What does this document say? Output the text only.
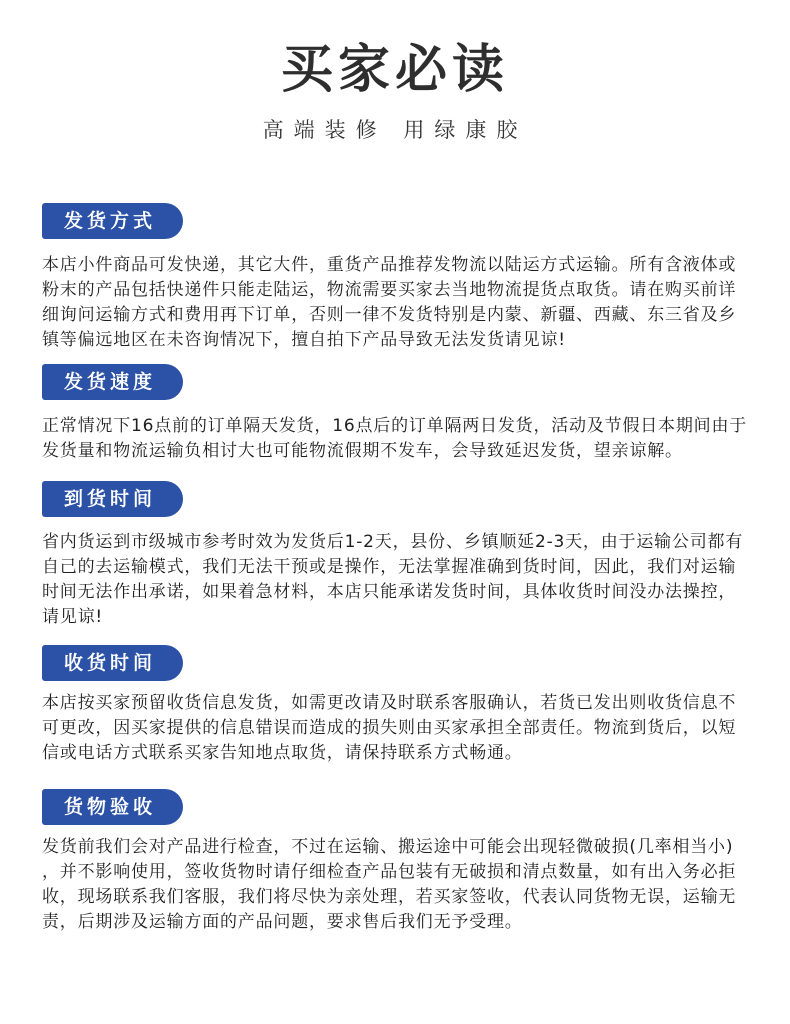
买家必读
高端装修 用绿康胶
发货方式
本店小件商品可发快递，其它大件，重货产品推荐发物流以陆运方式运输。所有含液体或
粉末的产品包括快递件只能走陆运，物流需要买家去当地物流提货点取货。请在购买前详
细询问运输方式和费用再下订单，否则一律不发货特别是内蒙、新疆、西藏、东三省及乡
镇等偏远地区在未咨询情况下，擅自拍下产品导致无法发货请见谅!
发货速度
正常情况下16点前的订单隔天发货，16点后的订单隔两日发货，活动及节假日本期间由于
发货量和物流运输负相讨大也可能物流假期不发车，会导致延迟发货，望亲谅解。
到货时间
省内货运到市级城市参考时效为发货后1-2天，县份、乡镇顺延2-3天，由于运输公司都有
自己的去运输模式，我们无法干预或是操作，无法掌握准确到货时间，因此，我们对运输
时间无法作出承诺，如果着急材料，本店只能承诺发货时间，具体收货时间没办法操控，
请见谅!
收货时间
本店按买家预留收货信息发货，如需更改请及时联系客服确认，若货已发出则收货信息不
可更改，因买家提供的信息错误而造成的损失则由买家承担全部责任。物流到货后，以短
信或电话方式联系买家告知地点取货，请保持联系方式畅通。
货物验收
发货前我们会对产品进行检查，不过在运输、搬运途中可能会出现轻微破损(几率相当小)
，并不影响使用，签收货物时请仔细检查产品包装有无破损和清点数量，如有出入务必拒
收，现场联系我们客服，我们将尽快为亲处理，若买家签收，代表认同货物无误，运输无
责，后期涉及运输方面的产品问题，要求售后我们无予受理。
